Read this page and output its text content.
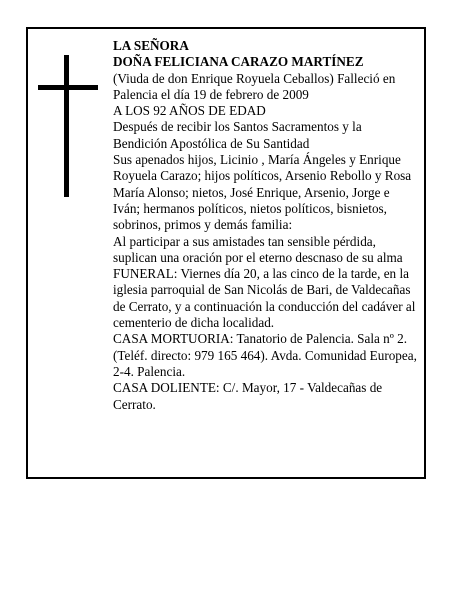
LA SEÑORA

DOÑA FELICIANA CARAZO MARTÍNEZ

(Viuda de don Enrique Royuela Ceballos) Falleció en Palencia el día 19 de febrero de 2009

A LOS 92 AÑOS DE EDAD

Después de recibir los Santos Sacramentos y la Bendición Apostólica de Su Santidad

Sus apenados hijos, Licinio , María Ángeles y Enrique Royuela Carazo; hijos políticos, Arsenio Rebollo y Rosa María Alonso; nietos, José Enrique, Arsenio, Jorge e Iván; hermanos políticos, nietos políticos, bisnietos, sobrinos, primos y demás familia:

Al participar a sus amistades tan sensible pérdida, suplican una oración por el eterno descnaso de su alma

FUNERAL: Viernes día 20, a las cinco de la tarde, en la iglesia parroquial de San Nicolás de Bari, de Valdecañas de Cerrato, y a continuación la conducción del cadáver al cementerio de dicha localidad.

CASA MORTUORIA: Tanatorio de Palencia. Sala nº 2. (Teléf. directo: 979 165 464). Avda. Comunidad Europea, 2-4. Palencia.

CASA DOLIENTE: C/. Mayor, 17 - Valdecañas de Cerrato.
